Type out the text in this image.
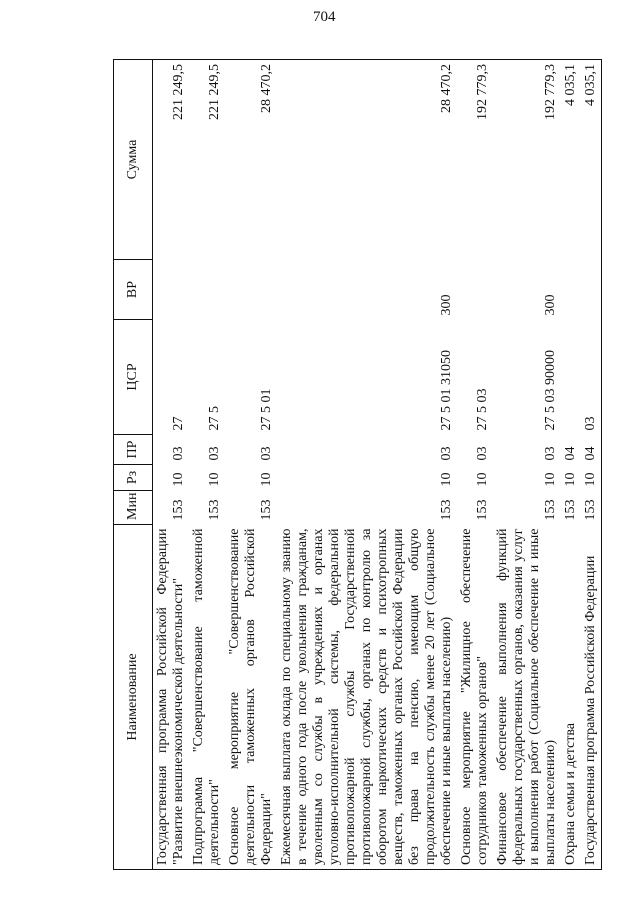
704
Наименование	Мин	Рз	ПР	ЦСР	ВР	Сумма
Государственная программа Российской Федерации "Развитие внешнеэкономической деятельности"	153	10	03	27		221 249,5
Подпрограмма "Совершенствование таможенной деятельности"	153	10	03	27 5		221 249,5
Основное мероприятие "Совершенствование деятельности таможенных органов Российской Федерации"	153	10	03	27 5 01		28 470,2
Ежемесячная выплата оклада по специальному званию в течение одного года после увольнения гражданам, уволенным со службы в учреждениях и органах уголовно-исполнительной системы, федеральной противопожарной службы Государственной противопожарной службы, органах по контролю за оборотом наркотических средств и психотропных веществ, таможенных органах Российской Федерации без права на пенсию, имеющим общую продолжительность службы менее 20 лет (Социальное обеспечение и иные выплаты населению)	153	10	03	27 5 01 31050	300	28 470,2
Основное мероприятие "Жилищное обеспечение сотрудников таможенных органов"	153	10	03	27 5 03		192 779,3
Финансовое обеспечение выполнения функций федеральных государственных органов, оказания услуг и выполнения работ (Социальное обеспечение и иные выплаты населению)	153	10	03	27 5 03 90000	300	192 779,3
Охрана семьи и детства	153	10	04			4 035,1
Государственная программа Российской Федерации	153	10	04	03		4 035,1
